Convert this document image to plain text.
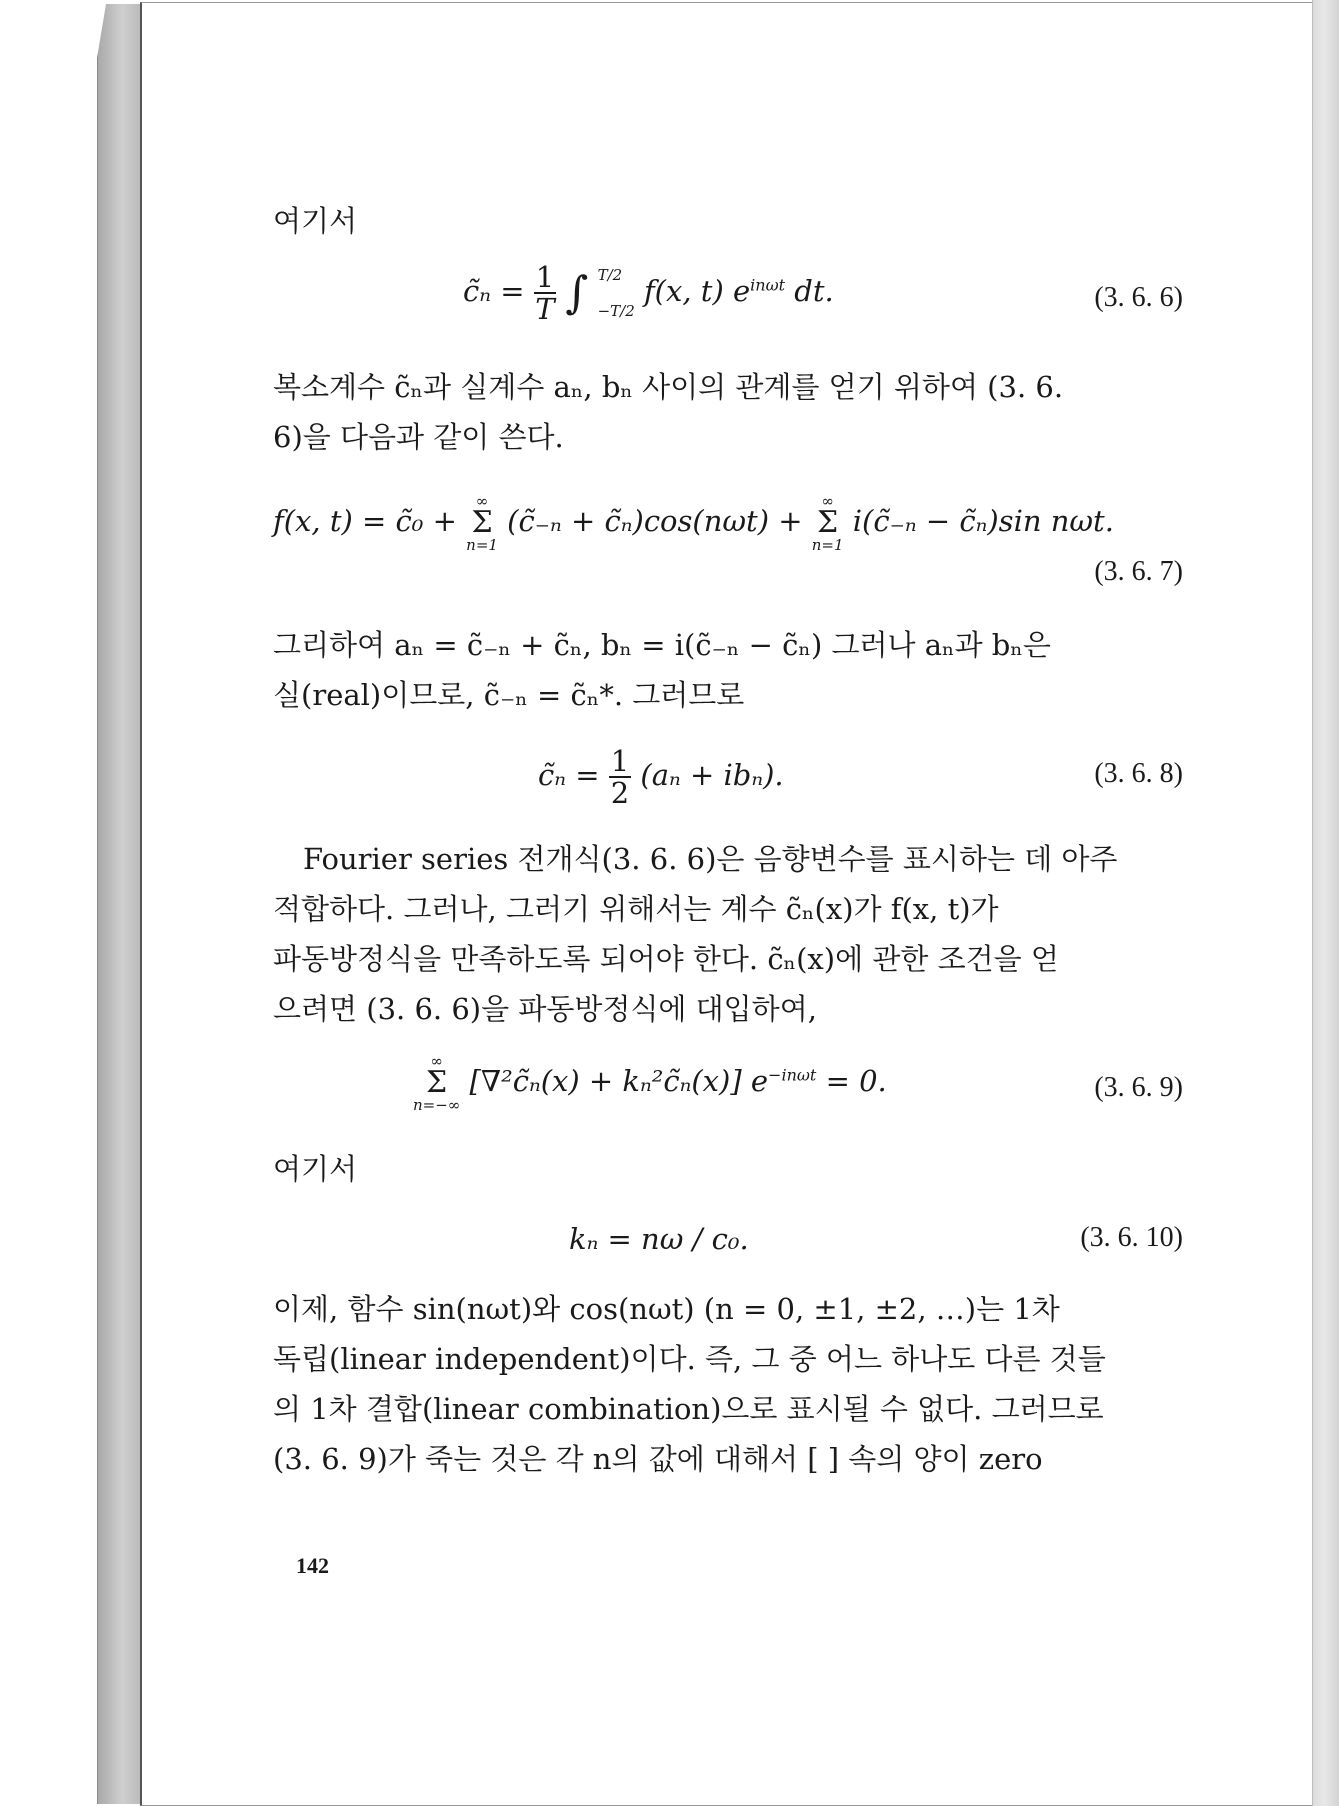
여기서
c̃ₙ = $\frac{1}{T}$ ∫ T/2
−T/2
f(x, t) $e^{in\omega t}$ dt.	(3. 6. 6)
복소계수 c̃ₙ과 실계수 aₙ, bₙ 사이의 관계를 얻기 위하여 (3. 6.
6)을 다음과 같이 쓴다.
f(x, t) = c̃₀ +
∞
Σ
n=1
(c̃₋ₙ + c̃ₙ)cos(nωt) +
∞
Σ
n=1
i(c̃₋ₙ − c̃ₙ)sin nωt.
(3. 6. 7)
그리하여 aₙ = c̃₋ₙ + c̃ₙ, bₙ = i(c̃₋ₙ − c̃ₙ) 그러나 aₙ과 bₙ은
실(real)이므로, c̃₋ₙ = c̃ₙ*. 그러므로
c̃ₙ = $\frac{1}{2} (a_n + ib_n)$.	(3. 6. 8)
Fourier series 전개식(3. 6. 6)은 음향변수를 표시하는 데 아주
적합하다. 그러나, 그러기 위해서는 계수 c̃ₙ(x)가 f(x, t)가
파동방정식을 만족하도록 되어야 한다. c̃ₙ(x)에 관한 조건을 얻
으려면 (3. 6. 6)을 파동방정식에 대입하여,
∞
Σ
n=−∞
[∇²c̃ₙ(x) + kₙ²c̃ₙ(x)] $e^{-in\omega t} = 0$.	(3. 6. 9)
여기서
kₙ = nω / c₀.	(3. 6. 10)
이제, 함수 sin(nωt)와 cos(nωt) (n = 0, ±1, ±2, …)는 1차
독립(linear independent)이다. 즉, 그 중 어느 하나도 다른 것들
의 1차 결합(linear combination)으로 표시될 수 없다. 그러므로
(3. 6. 9)가 죽는 것은 각 n의 값에 대해서 [ ] 속의 양이 zero
142
